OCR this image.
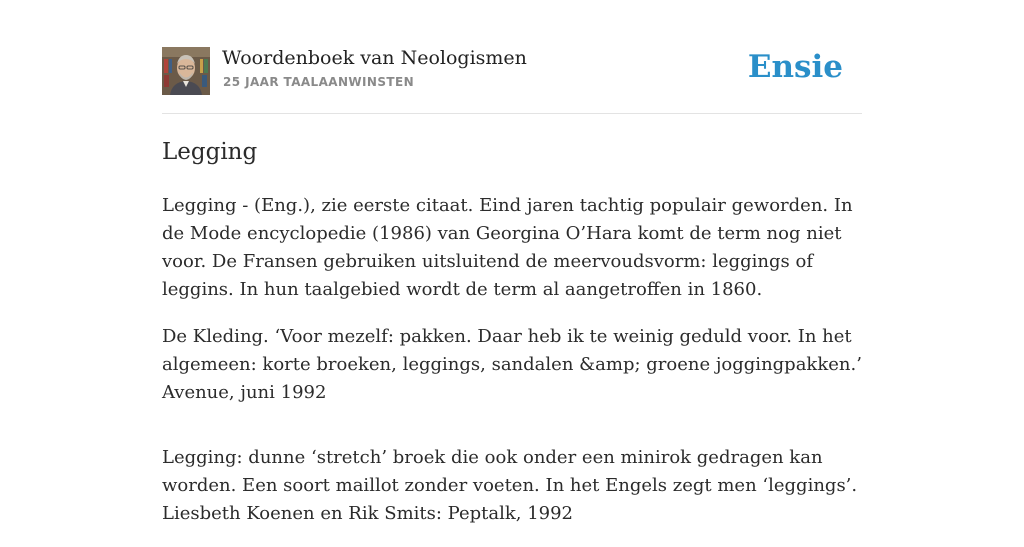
Woordenboek van Neologismen
25 JAAR TAALAANWINSTEN	Ensie
Legging

Legging - (Eng.), zie eerste citaat. Eind jaren tachtig populair geworden. In de Mode encyclopedie (1986) van Georgina O’Hara komt de term nog niet voor. De Fransen gebruiken uitsluitend de meervoudsvorm: leggings of leggins. In hun taalgebied wordt de term al aangetroffen in 1860.

De Kleding. ‘Voor mezelf: pakken. Daar heb ik te weinig geduld voor. In het algemeen: korte broeken, leggings, sandalen &amp; groene joggingpakken.’ Avenue, juni 1992

Legging: dunne ‘stretch’ broek die ook onder een minirok gedragen kan worden. Een soort maillot zonder voeten. In het Engels zegt men ‘leggings’. Liesbeth Koenen en Rik Smits: Peptalk, 1992
